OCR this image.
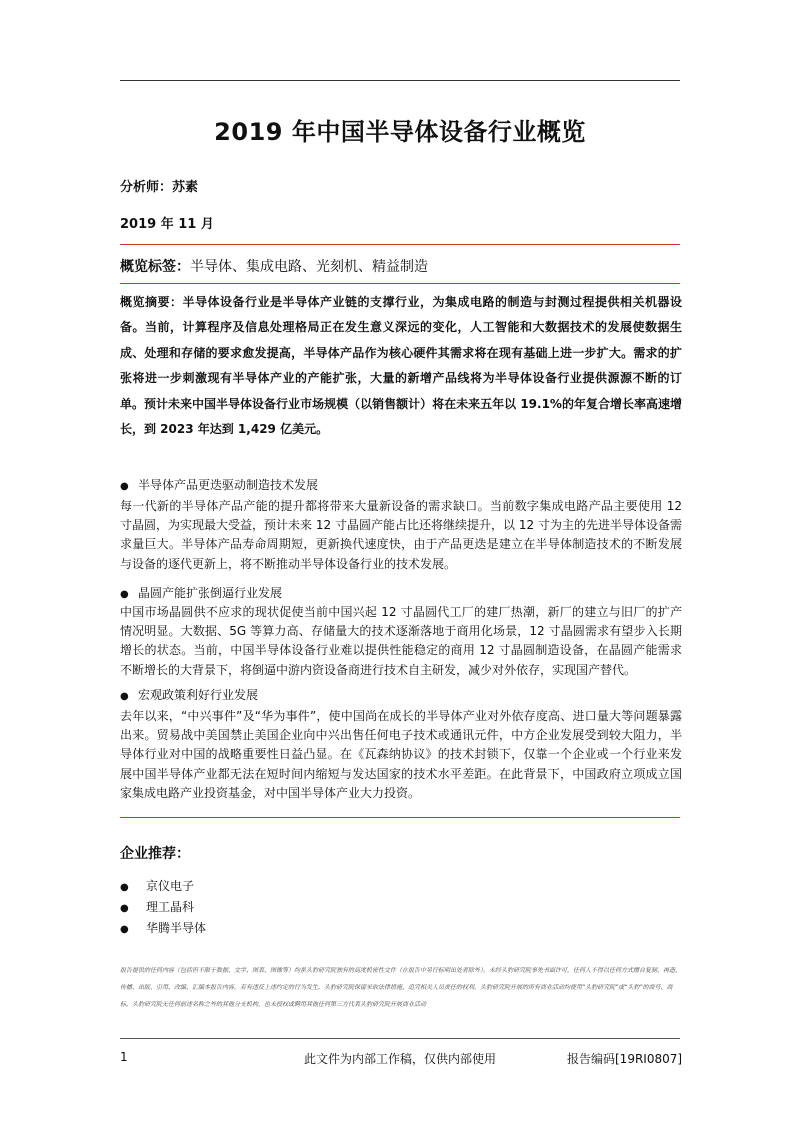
2019 年中国半导体设备行业概览
分析师：苏素
2019 年 11 月
概览标签：半导体、集成电路、光刻机、精益制造
概览摘要：半导体设备行业是半导体产业链的支撑行业，为集成电路的制造与封测过程提供相关机器设备。当前，计算程序及信息处理格局正在发生意义深远的变化，人工智能和大数据技术的发展使数据生成、处理和存储的要求愈发提高，半导体产品作为核心硬件其需求将在现有基础上进一步扩大。需求的扩张将进一步刺激现有半导体产业的产能扩张，大量的新增产品线将为半导体设备行业提供源源不断的订单。预计未来中国半导体设备行业市场规模（以销售额计）将在未来五年以 19.1%的年复合增长率高速增长，到 2023 年达到 1,429 亿美元。
● 半导体产品更迭驱动制造技术发展
每一代新的半导体产品产能的提升都将带来大量新设备的需求缺口。当前数字集成电路产品主要使用 12 寸晶圆，为实现最大受益，预计未来 12 寸晶圆产能占比还将继续提升，以 12 寸为主的先进半导体设备需求量巨大。半导体产品寿命周期短，更新换代速度快，由于产品更迭是建立在半导体制造技术的不断发展与设备的逐代更新上，将不断推动半导体设备行业的技术发展。
● 晶圆产能扩张倒逼行业发展
中国市场晶圆供不应求的现状促使当前中国兴起 12 寸晶圆代工厂的建厂热潮，新厂的建立与旧厂的扩产情况明显。大数据、5G 等算力高、存储量大的技术逐渐落地于商用化场景，12 寸晶圆需求有望步入长期增长的状态。当前，中国半导体设备行业难以提供性能稳定的商用 12 寸晶圆制造设备，在晶圆产能需求不断增长的大背景下，将倒逼中游内资设备商进行技术自主研发，减少对外依存，实现国产替代。
● 宏观政策利好行业发展
去年以来，“中兴事件”及“华为事件”，使中国尚在成长的半导体产业对外依存度高、进口量大等问题暴露出来。贸易战中美国禁止美国企业向中兴出售任何电子技术或通讯元件，中方企业发展受到较大阻力，半导体行业对中国的战略重要性日益凸显。在《瓦森纳协议》的技术封锁下，仅靠一个企业或一个行业来发展中国半导体产业都无法在短时间内缩短与发达国家的技术水平差距。在此背景下，中国政府立项成立国家集成电路产业投资基金，对中国半导体产业大力投资。
企业推荐：
● 京仪电子
● 理工晶科
● 华腾半导体
报告提供的任何内容（包括但不限于数据、文字、图表、图像等）均系头豹研究院独有的高度机密性文件（在报告中另行标明出处者除外）。未经头豹研究院事先书面许可，任何人不得以任何方式擅自复制、再造、传播、出版、引用、改编、汇编本报告内容，若有违反上述约定的行为发生，头豹研究院保留采取法律措施、追究相关人员责任的权利。头豹研究院开展的所有商业活动均使用“头豹研究院”或“头豹”的商号、商标，头豹研究院无任何前述名称之外的其他分支机构，也未授权或聘用其他任何第三方代表头豹研究院开展商业活动
1	此文件为内部工作稿，仅供内部使用	报告编码[19RI0807]
